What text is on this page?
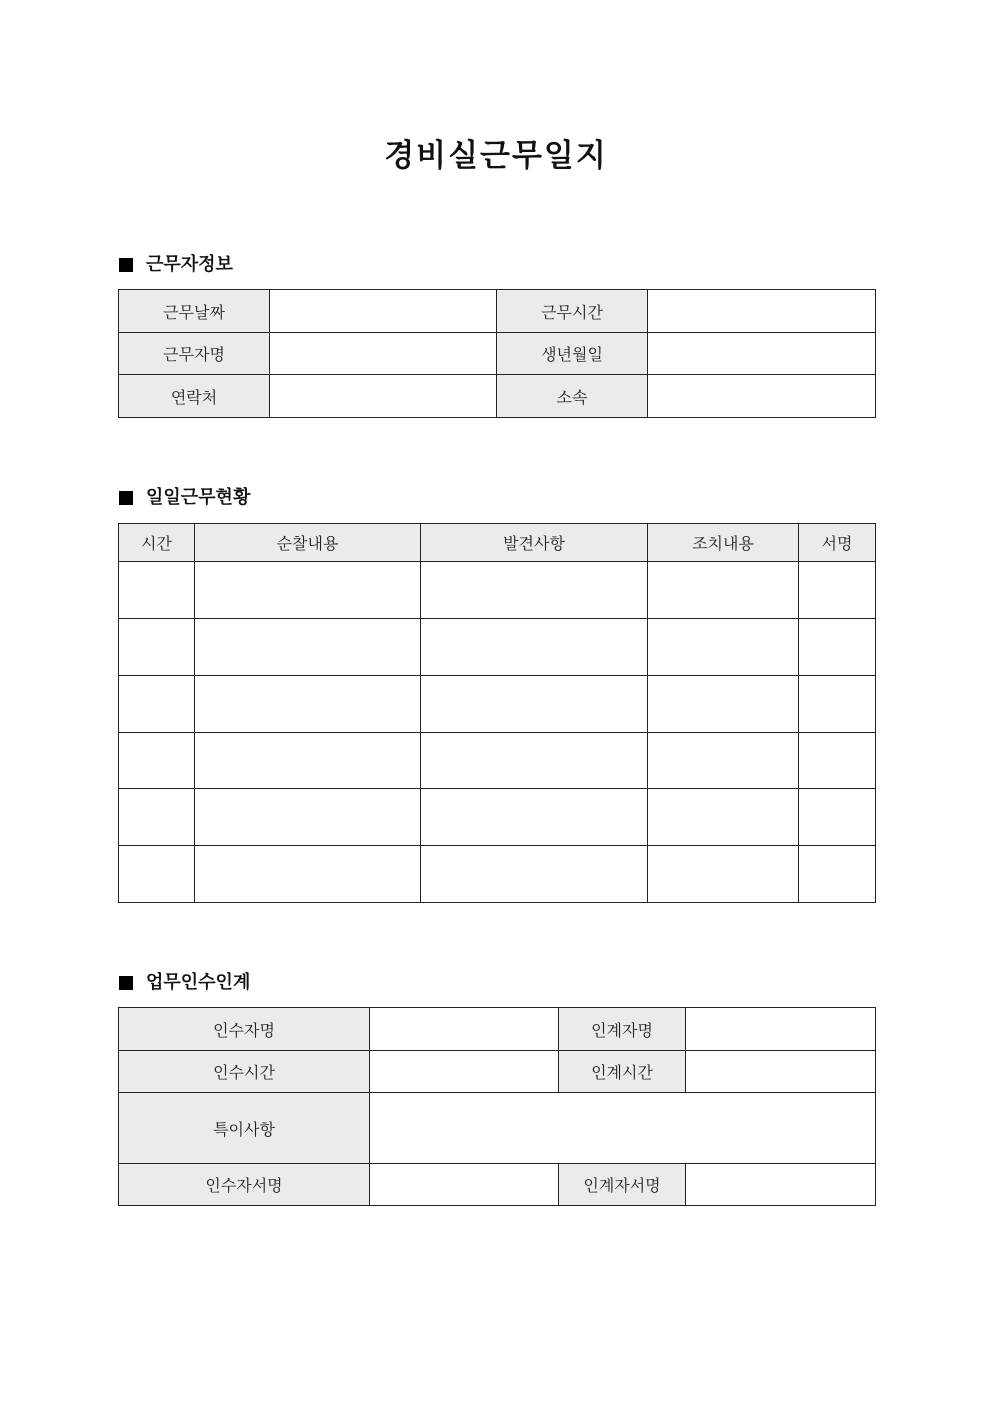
경비실근무일지
근무자정보
근무날짜		근무시간	
근무자명		생년월일	
연락처		소속	
일일근무현황
시간	순찰내용	발견사항	조치내용	서명

업무인수인계
인수자명		인계자명	
인수시간		인계시간	
특이사항			
인수자서명		인계자서명	
